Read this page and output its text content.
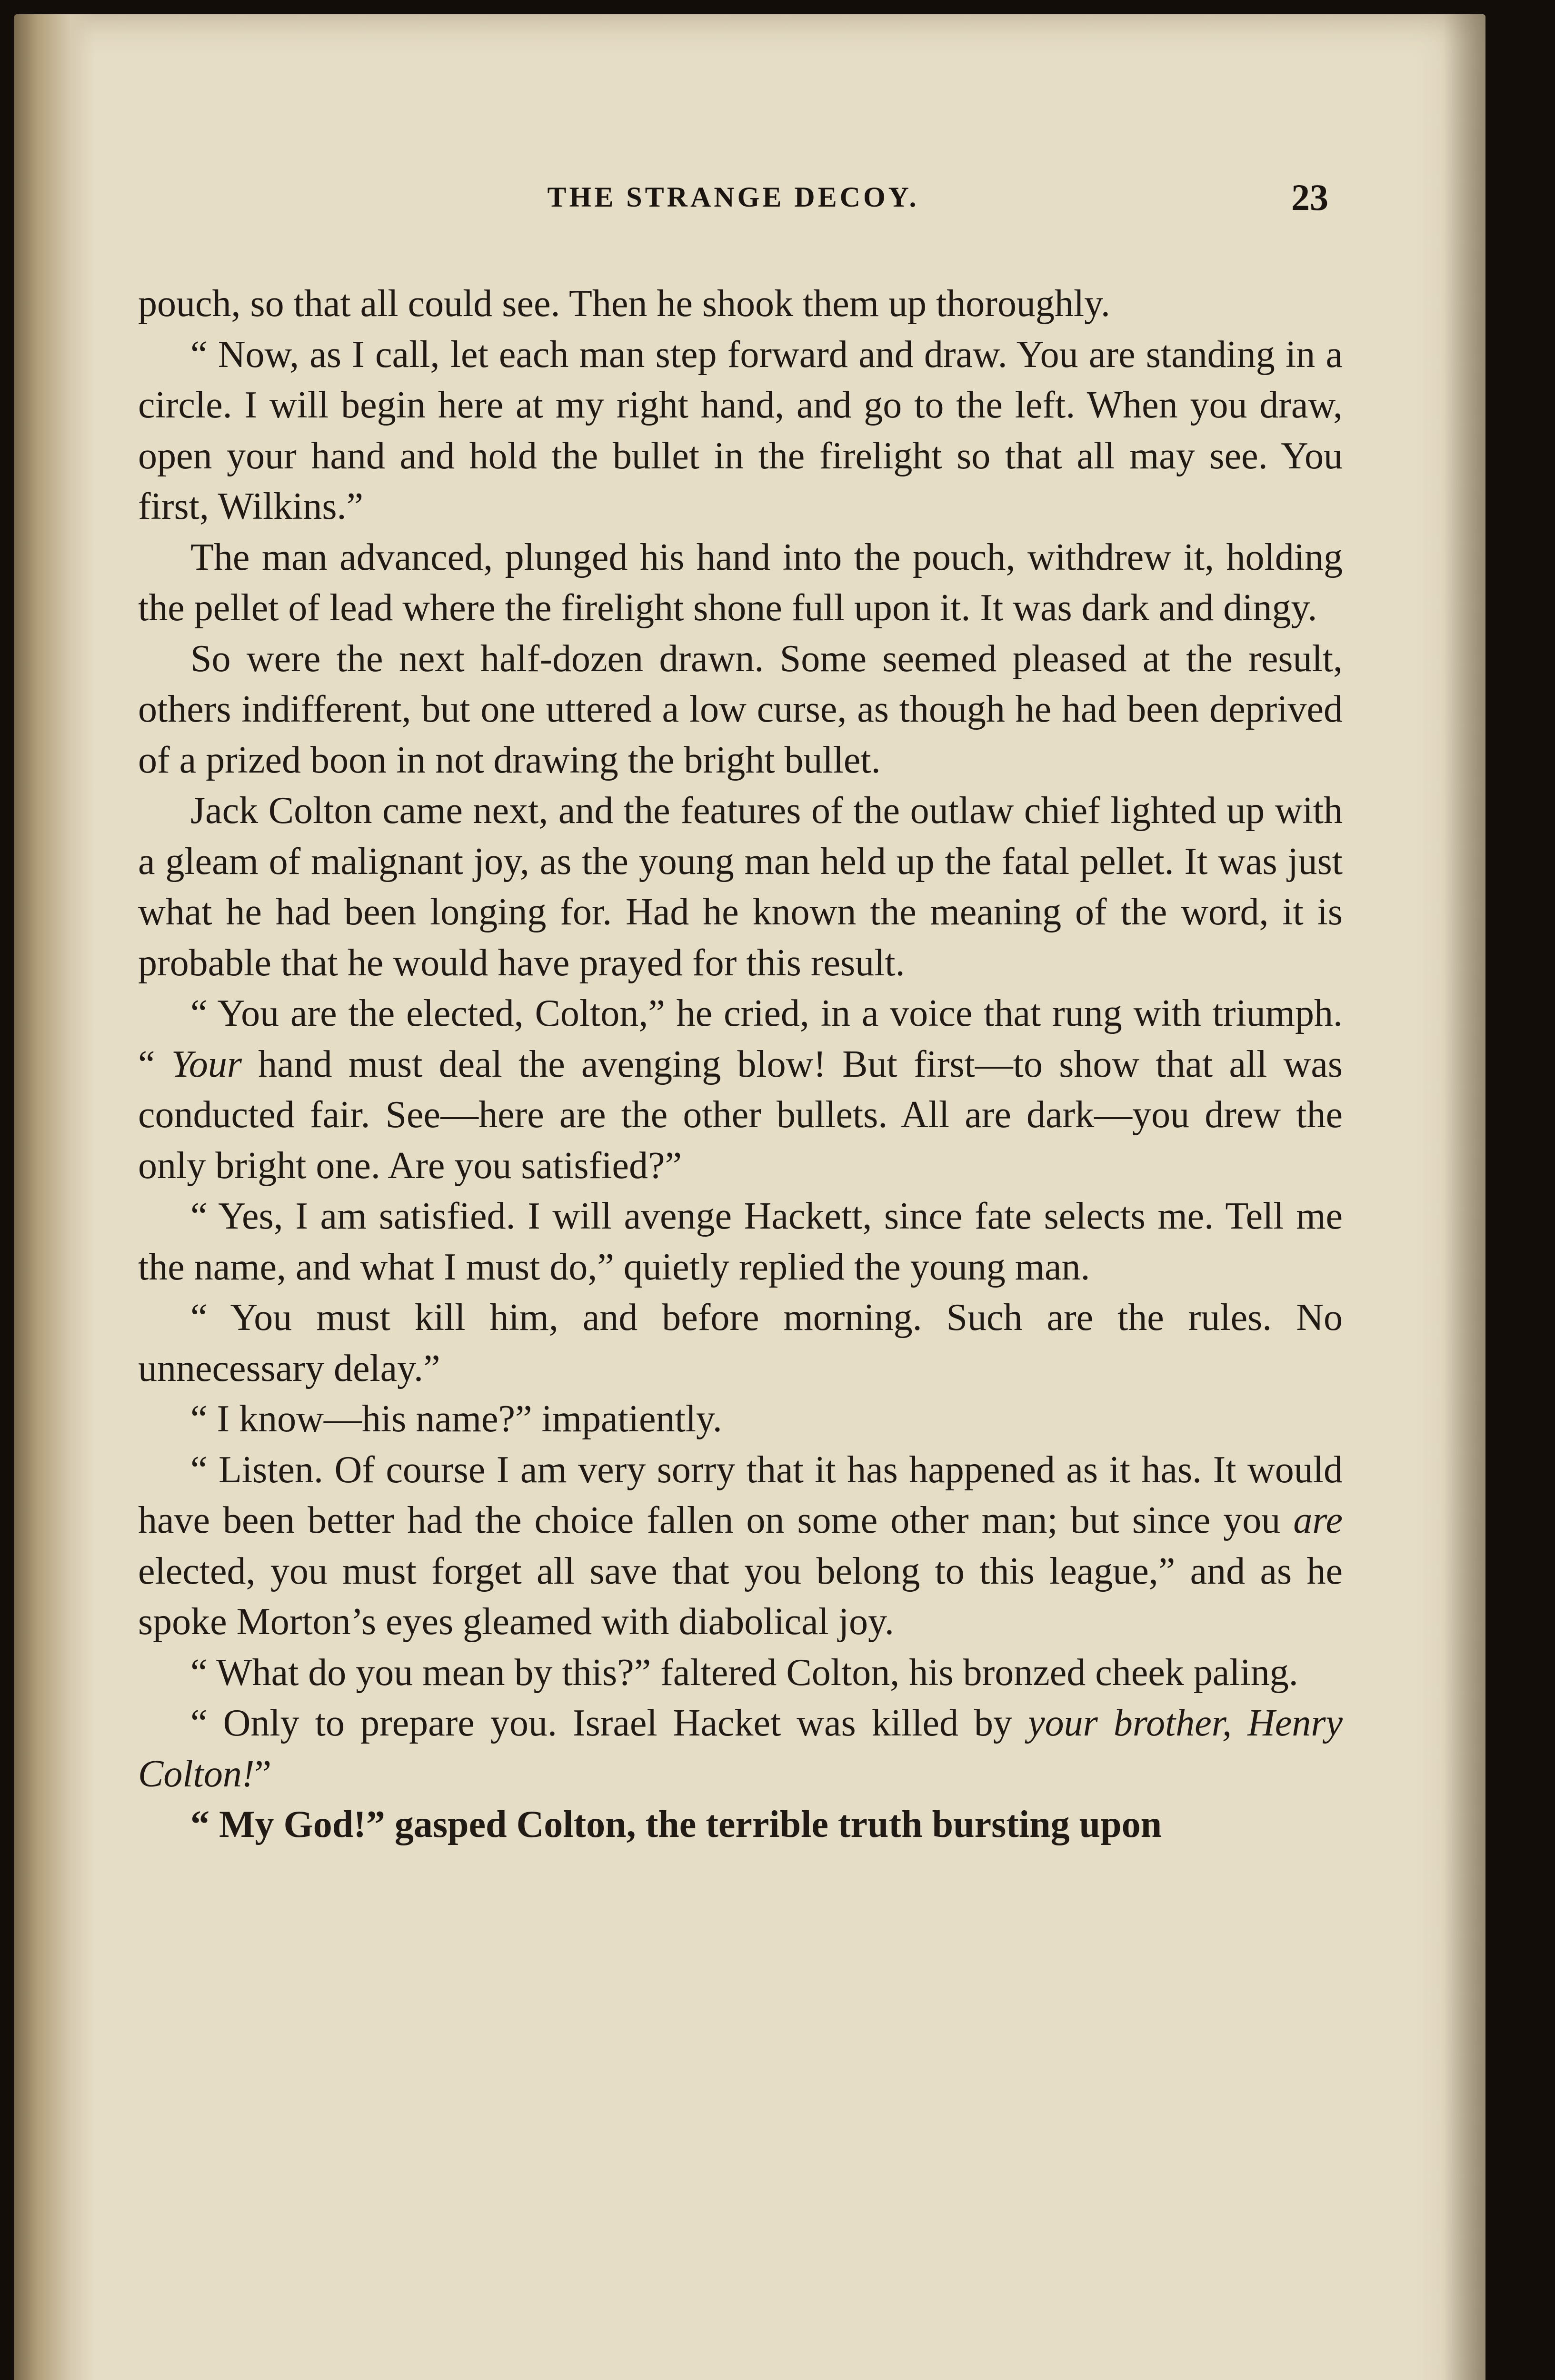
THE STRANGE DECOY.	23

pouch, so that all could see. Then he shook them up thoroughly.

“ Now, as I call, let each man step forward and draw. You are standing in a circle. I will begin here at my right hand, and go to the left. When you draw, open your hand and hold the bullet in the firelight so that all may see. You first, Wilkins.”

The man advanced, plunged his hand into the pouch, withdrew it, holding the pellet of lead where the firelight shone full upon it. It was dark and dingy.

So were the next half-dozen drawn. Some seemed pleased at the result, others indifferent, but one uttered a low curse, as though he had been deprived of a prized boon in not drawing the bright bullet.

Jack Colton came next, and the features of the outlaw chief lighted up with a gleam of malignant joy, as the young man held up the fatal pellet. It was just what he had been longing for. Had he known the meaning of the word, it is probable that he would have prayed for this result.

“ You are the elected, Colton,” he cried, in a voice that rung with triumph. “ Your hand must deal the avenging blow! But first—to show that all was conducted fair. See—here are the other bullets. All are dark—you drew the only bright one. Are you satisfied?”

“ Yes, I am satisfied. I will avenge Hackett, since fate selects me. Tell me the name, and what I must do,” quietly replied the young man.

“ You must kill him, and before morning. Such are the rules. No unnecessary delay.”

“ I know—his name?” impatiently.

“ Listen. Of course I am very sorry that it has happened as it has. It would have been better had the choice fallen on some other man; but since you are elected, you must forget all save that you belong to this league,” and as he spoke Morton’s eyes gleamed with diabolical joy.

“ What do you mean by this?” faltered Colton, his bronzed cheek paling.

“ Only to prepare you. Israel Hacket was killed by your brother, Henry Colton!”

“ My God!” gasped Colton, the terrible truth bursting upon
